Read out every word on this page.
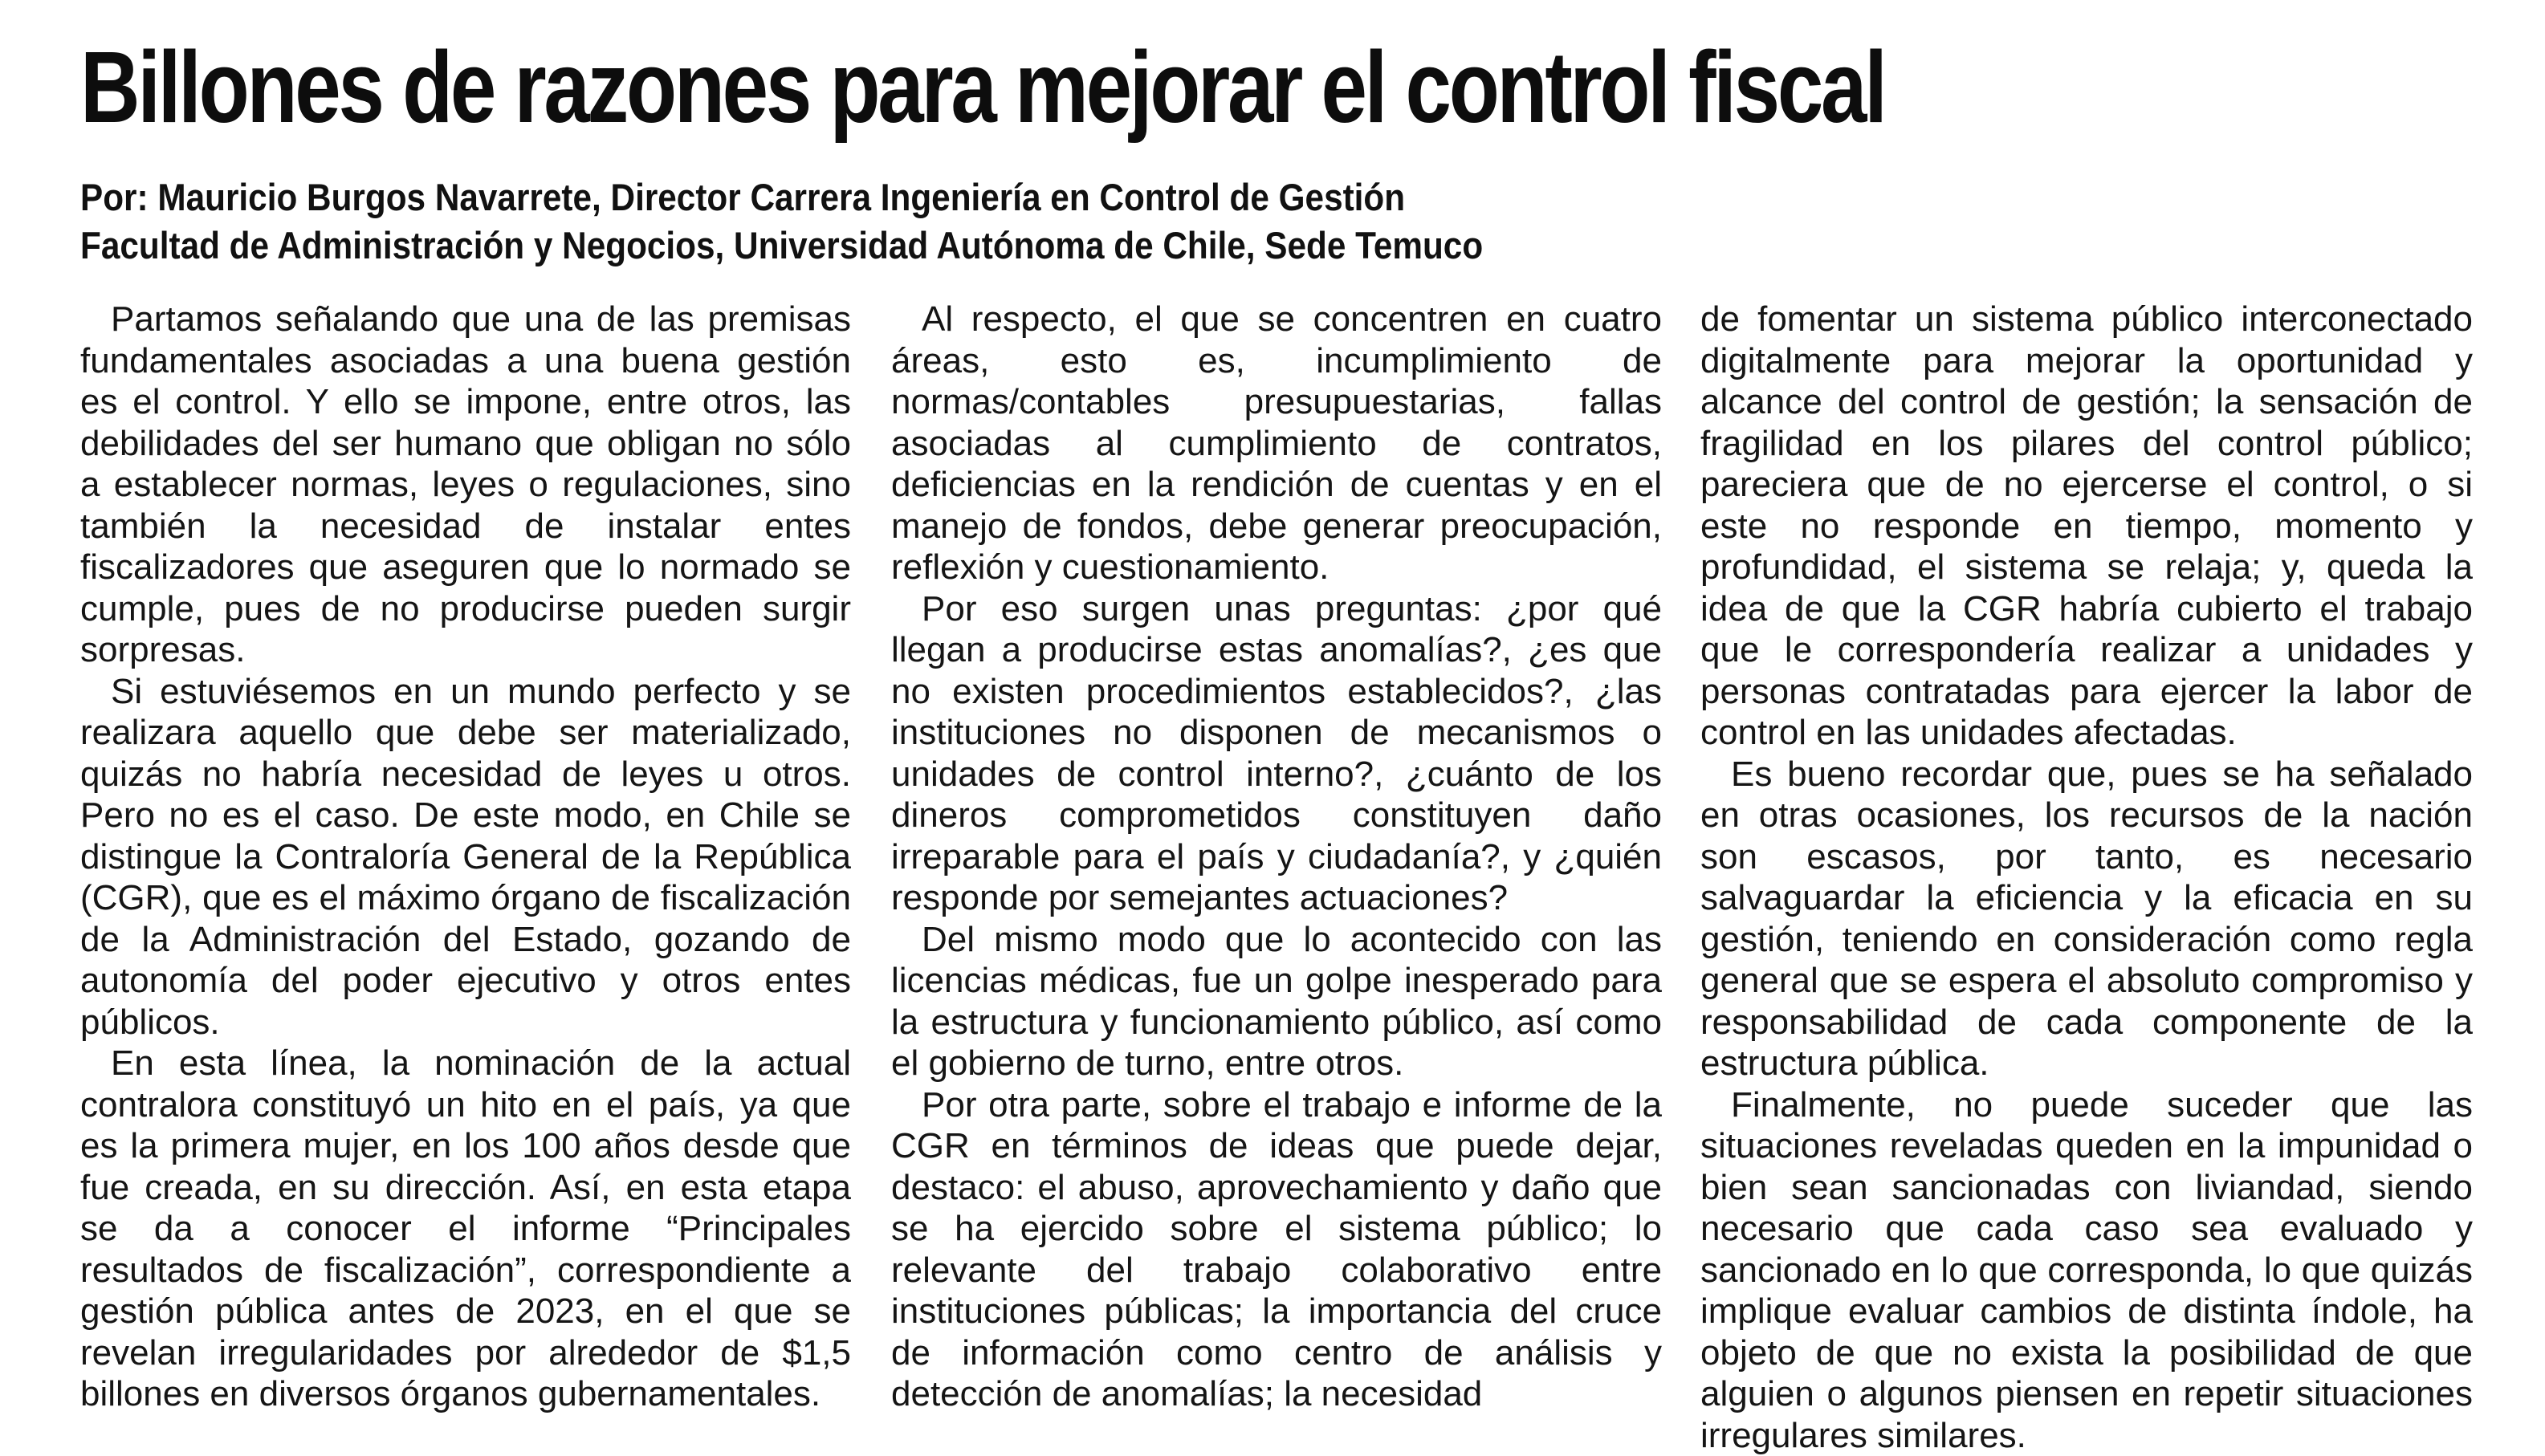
Billones de razones para mejorar el control fiscal
Por: Mauricio Burgos Navarrete, Director Carrera Ingeniería en Control de Gestión
Facultad de Administración y Negocios, Universidad Autónoma de Chile, Sede Temuco

Partamos señalando que una de las premisas fundamentales asociadas a una buena gestión es el control. Y ello se impone, entre otros, las debilidades del ser humano que obligan no sólo a establecer normas, leyes o regulaciones, sino también la necesidad de instalar entes fiscalizadores que aseguren que lo normado se cumple, pues de no producirse pueden surgir sorpresas.

Si estuviésemos en un mundo perfecto y se realizara aquello que debe ser materializado, quizás no habría necesidad de leyes u otros. Pero no es el caso. De este modo, en Chile se distingue la Contraloría General de la República (CGR), que es el máximo órgano de fiscalización de la Administración del Estado, gozando de autonomía del poder ejecutivo y otros entes públicos.

En esta línea, la nominación de la actual contralora constituyó un hito en el país, ya que es la primera mujer, en los 100 años desde que fue creada, en su dirección. Así, en esta etapa se da a conocer el informe “Principales resultados de fiscalización”, correspondiente a gestión pública antes de 2023, en el que se revelan irregularidades por alrededor de $1,5 billones en diversos órganos gubernamentales.

Al respecto, el que se concentren en cuatro áreas, esto es, incumplimiento de normas/contables presupuestarias, fallas asociadas al cumplimiento de contratos, deficiencias en la rendición de cuentas y en el manejo de fondos, debe generar preocupación, reflexión y cuestionamiento.

Por eso surgen unas preguntas: ¿por qué llegan a producirse estas anomalías?, ¿es que no existen procedimientos establecidos?, ¿las instituciones no disponen de mecanismos o unidades de control interno?, ¿cuánto de los dineros comprometidos constituyen daño irreparable para el país y ciudadanía?, y ¿quién responde por semejantes actuaciones?

Del mismo modo que lo acontecido con las licencias médicas, fue un golpe inesperado para la estructura y funcionamiento público, así como el gobierno de turno, entre otros.

Por otra parte, sobre el trabajo e informe de la CGR en términos de ideas que puede dejar, destaco: el abuso, aprovechamiento y daño que se ha ejercido sobre el sistema público; lo relevante del trabajo colaborativo entre instituciones públicas; la importancia del cruce de información como centro de análisis y detección de anomalías; la necesidad

de fomentar un sistema público interconectado digitalmente para mejorar la oportunidad y alcance del control de gestión; la sensación de fragilidad en los pilares del control público; pareciera que de no ejercerse el control, o si este no responde en tiempo, momento y profundidad, el sistema se relaja; y, queda la idea de que la CGR habría cubierto el trabajo que le correspondería realizar a unidades y personas contratadas para ejercer la labor de control en las unidades afectadas.

Es bueno recordar que, pues se ha señalado en otras ocasiones, los recursos de la nación son escasos, por tanto, es necesario salvaguardar la eficiencia y la eficacia en su gestión, teniendo en consideración como regla general que se espera el absoluto compromiso y responsabilidad de cada componente de la estructura pública.

Finalmente, no puede suceder que las situaciones reveladas queden en la impunidad o bien sean sancionadas con liviandad, siendo necesario que cada caso sea evaluado y sancionado en lo que corresponda, lo que quizás implique evaluar cambios de distinta índole, ha objeto de que no exista la posibilidad de que alguien o algunos piensen en repetir situaciones irregulares similares.
